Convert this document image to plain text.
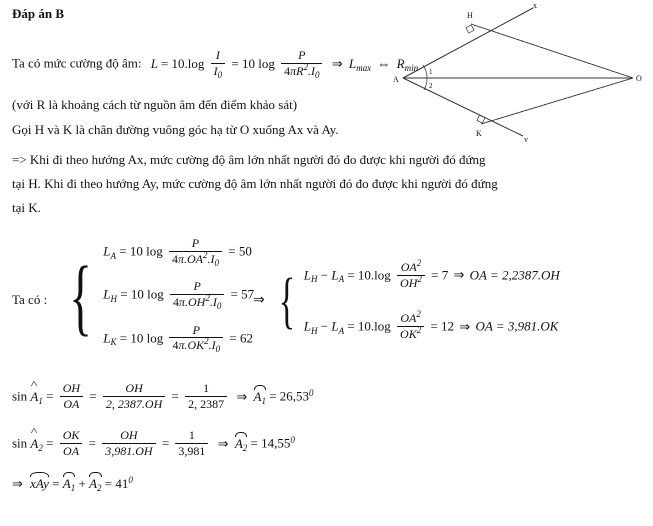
Đáp án B
x
y
A	O
H
K
1
2
Ta có mức cường độ âm: $L = 10.\log \frac{I}{I_0} = 10$ $\log \frac{P}{4\pi R^2.I_0}$ ⇒ $L_{max}$ ⇔ $R_{min}$
(với R là khoảng cách từ nguồn âm đến điểm khảo sát)
Gọi H và K là chân đường vuông góc hạ từ O xuống Ax và Ay.
=> Khi đi theo hướng Ax, mức cường độ âm lớn nhất người đó đo được khi người đó đứng
tại H. Khi đi theo hướng Ay, mức cường độ âm lớn nhất người đó đo được khi người đó đứng
tại K.
Ta có : { $L_A = 10$ $\log \frac{P}{4\pi.OA^2.I_0} = 50$
$L_H = 10$ $\log \frac{P}{4\pi.OH^2.I_0} = 57$
$L_K = 10$ $\log \frac{P}{4\pi.OK^2.I_0} = 62$
⇒ { $L_H - L_A = 10.\log \frac{OA^2}{OH^2} = 7$ ⇒ OA = 2,2387.OH
$L_H - L_A = 10.\log \frac{OA^2}{OK^2} = 12$ ⇒ OA = 3,981.OK
sin ^ $A_1 = \frac{OH}{OA} = \frac{OH}{2, 2387.OH} = \frac{1}{2, 2387}$ ⇒ $A_1 = 26,53^0$
sin ^ $A_2 = \frac{OK}{OA} = \frac{OH}{3,981.OH} = \frac{1}{3,981}$ ⇒ $A_2 = 14,55^0$
⇒ xAy = $A_1 + A_2 = 41^0$
